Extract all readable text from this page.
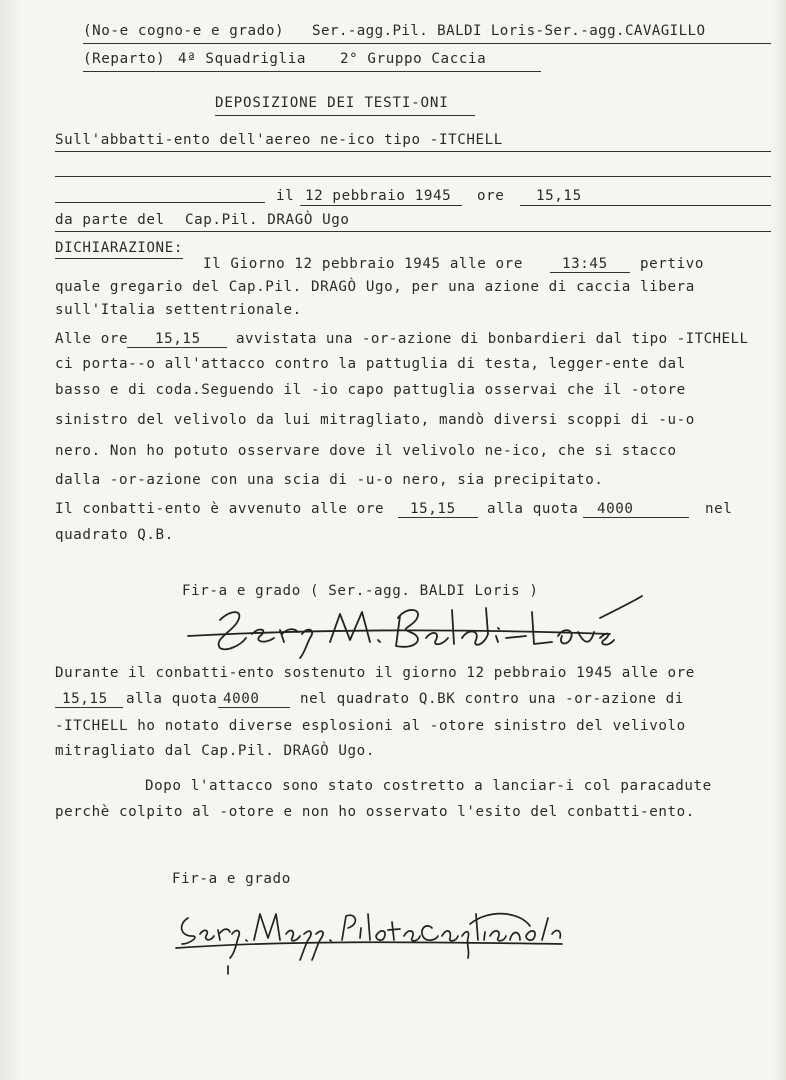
(No-e cogno-e e grado) Ser.-agg.Pil. BALDI Loris-Ser.-agg.CAVAGILLO
(Reparto) 4ª Squadriglia 2° Gruppo Caccia
DEPOSIZIONE DEI TESTI-ONI
Sull'abbatti-ento dell'aereo ne-ico tipo -ITCHELL
il 12 pebbraio 1945 ore 15,15
da parte del Cap.Pil. DRAGÒ Ugo
DICHIARAZIONE:
Il Giorno 12 pebbraio 1945 alle ore	13:45 pertivo
quale gregario del Cap.Pil. DRAGÒ Ugo, per una azione di caccia libera
sull'Italia settentrionale.
Alle ore 15,15 avvistata una -or-azione di bonbardieri dal tipo -ITCHELL
ci porta--o all'attacco contro la pattuglia di testa, legger-ente dal
basso e di coda.Seguendo il -io capo pattuglia osservai che il -otore
sinistro del velivolo da lui mitragliato, mandò diversi scoppi di -u-o
nero. Non ho potuto osservare dove il velivolo ne-ico, che si stacco
dalla -or-azione con una scia di -u-o nero, sia precipitato.
Il conbatti-ento è avvenuto alle ore 15,15 alla quota 4000	nel
quadrato Q.B.
Fir-a e grado ( Ser.-agg. BALDI Loris )
Durante il conbatti-ento sostenuto il giorno 12 pebbraio 1945 alle ore
15,15 alla quota 4000	nel quadrato Q.BK contro una -or-azione di
-ITCHELL ho notato diverse esplosioni al -otore sinistro del velivolo
mitragliato dal Cap.Pil. DRAGÒ Ugo.
Dopo l'attacco sono stato costretto a lanciar-i col paracadute
perchè colpito al -otore e non ho osservato l'esito del conbatti-ento.
Fir-a e grado
